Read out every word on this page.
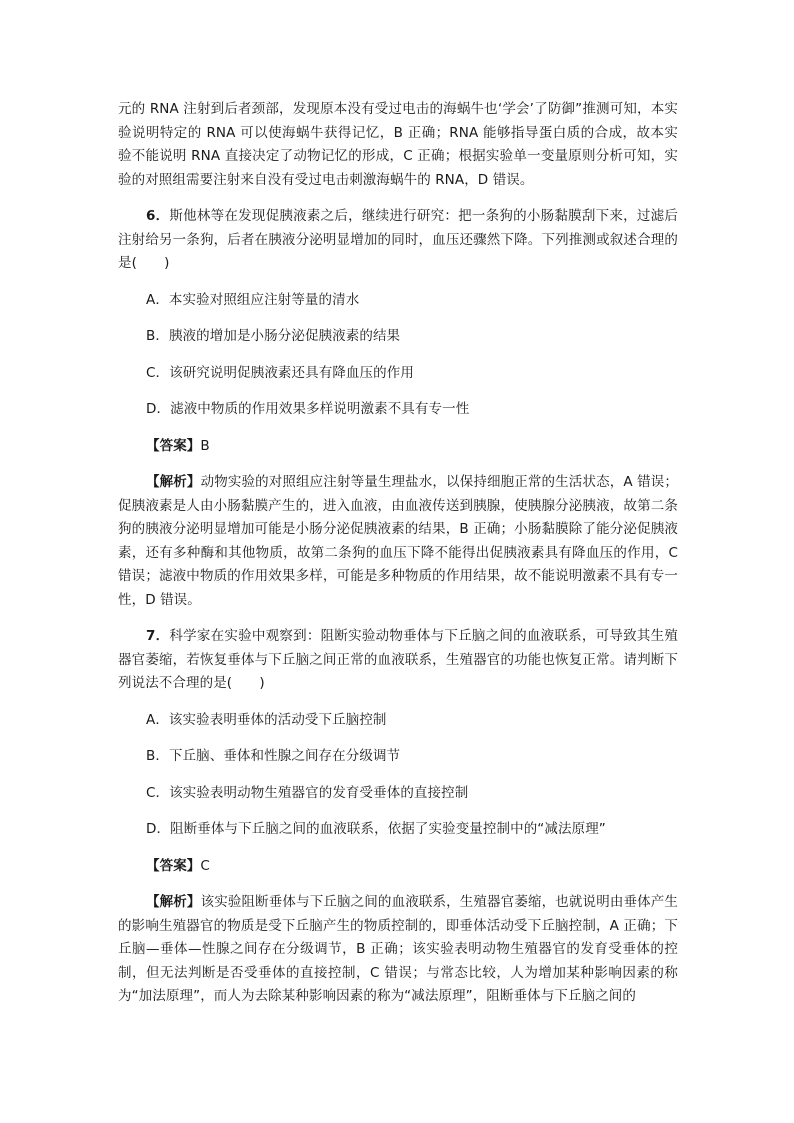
元的 RNA 注射到后者颈部，发现原本没有受过电击的海蜗牛也‘学会’了防御”推测可知，本实验说明特定的 RNA 可以使海蜗牛获得记忆，B 正确；RNA 能够指导蛋白质的合成，故本实验不能说明 RNA 直接决定了动物记忆的形成，C 正确；根据实验单一变量原则分析可知，实验的对照组需要注射来自没有受过电击刺激海蜗牛的 RNA，D 错误。

6．斯他林等在发现促胰液素之后，继续进行研究：把一条狗的小肠黏膜刮下来，过滤后注射给另一条狗，后者在胰液分泌明显增加的同时，血压还骤然下降。下列推测或叙述合理的是(　　)

A．本实验对照组应注射等量的清水

B．胰液的增加是小肠分泌促胰液素的结果

C．该研究说明促胰液素还具有降血压的作用

D．滤液中物质的作用效果多样说明激素不具有专一性

【答案】B

【解析】动物实验的对照组应注射等量生理盐水，以保持细胞正常的生活状态，A 错误；促胰液素是人由小肠黏膜产生的，进入血液，由血液传送到胰腺，使胰腺分泌胰液，故第二条狗的胰液分泌明显增加可能是小肠分泌促胰液素的结果，B 正确；小肠黏膜除了能分泌促胰液素，还有多种酶和其他物质，故第二条狗的血压下降不能得出促胰液素具有降血压的作用，C 错误；滤液中物质的作用效果多样，可能是多种物质的作用结果，故不能说明激素不具有专一性，D 错误。

7．科学家在实验中观察到：阻断实验动物垂体与下丘脑之间的血液联系，可导致其生殖器官萎缩，若恢复垂体与下丘脑之间正常的血液联系，生殖器官的功能也恢复正常。请判断下列说法不合理的是(　　)

A．该实验表明垂体的活动受下丘脑控制

B．下丘脑、垂体和性腺之间存在分级调节

C．该实验表明动物生殖器官的发育受垂体的直接控制

D．阻断垂体与下丘脑之间的血液联系，依据了实验变量控制中的“减法原理”

【答案】C

【解析】该实验阻断垂体与下丘脑之间的血液联系，生殖器官萎缩，也就说明由垂体产生的影响生殖器官的物质是受下丘脑产生的物质控制的，即垂体活动受下丘脑控制，A 正确；下丘脑—垂体—性腺之间存在分级调节，B 正确；该实验表明动物生殖器官的发育受垂体的控制，但无法判断是否受垂体的直接控制，C 错误；与常态比较，人为增加某种影响因素的称为“加法原理”，而人为去除某种影响因素的称为“减法原理”，阻断垂体与下丘脑之间的
